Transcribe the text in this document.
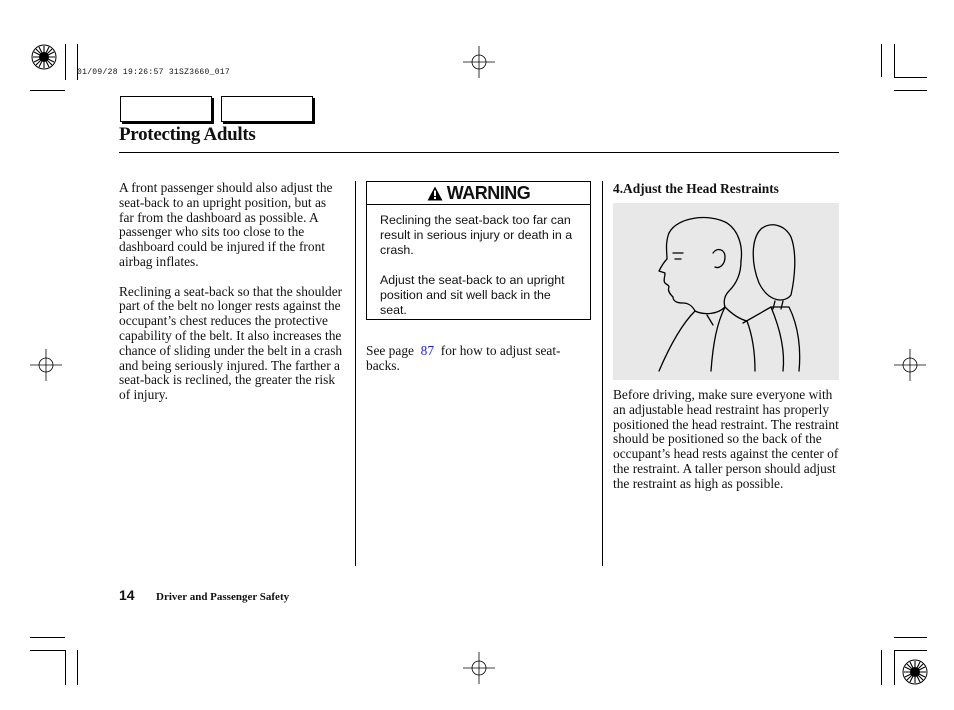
01/09/28 19:26:57 31SZ3660_017
Protecting Adults

A front passenger should also adjust the seat-back to an upright position, but as far from the dashboard as possible. A passenger who sits too close to the dashboard could be injured if the front airbag inflates.

Reclining a seat-back so that the shoulder part of the belt no longer rests against the occupant’s chest reduces the protective capability of the belt. It also increases the chance of sliding under the belt in a crash and being seriously injured. The farther a seat-back is reclined, the greater the risk of injury.

WARNING

Reclining the seat-back too far can result in serious injury or death in a crash.

Adjust the seat-back to an upright position and sit well back in the seat.

See page 87 for how to adjust seat-backs.
4.Adjust the Head Restraints

Before driving, make sure everyone with an adjustable head restraint has properly positioned the head restraint. The restraint should be positioned so the back of the occupant’s head rests against the center of the restraint. A taller person should adjust the restraint as high as possible.

14 Driver and Passenger Safety
